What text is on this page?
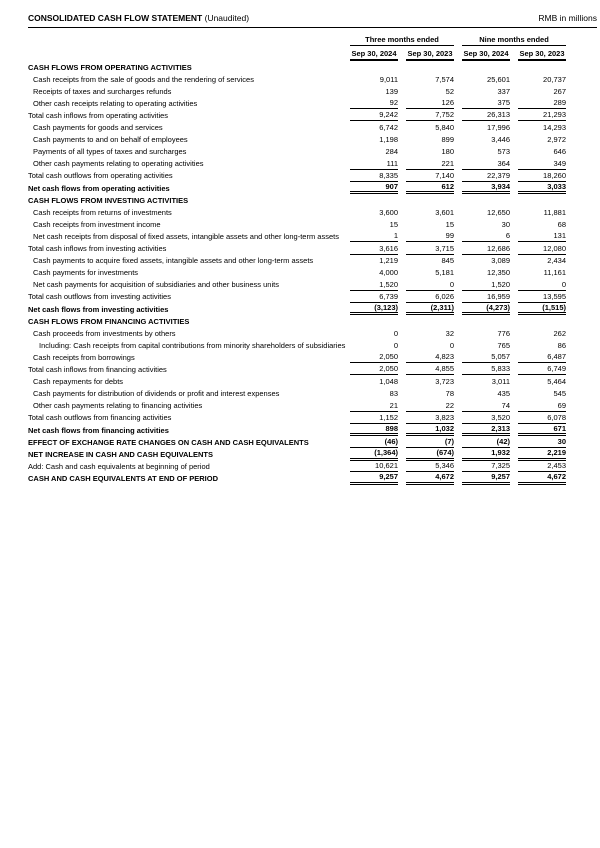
CONSOLIDATED CASH FLOW STATEMENT (Unaudited)	RMB in millions
Three months ended	Nine months ended
Sep 30, 2024 Sep 30, 2023 Sep 30, 2024 Sep 30, 2023
CASH FLOWS FROM OPERATING ACTIVITIES
Cash receipts from the sale of goods and the rendering of services	9,011	7,574	25,601	20,737
Receipts of taxes and surcharges refunds	139	52	337	267
Other cash receipts relating to operating activities	92	126	375	289
Total cash inflows from operating activities	9,242	7,752	26,313	21,293
Cash payments for goods and services	6,742	5,840	17,996	14,293
Cash payments to and on behalf of employees	1,198	899	3,446	2,972
Payments of all types of taxes and surcharges	284	180	573	646
Other cash payments relating to operating activities	111	221	364	349
Total cash outflows from operating activities	8,335	7,140	22,379	18,260
Net cash flows from operating activities	907	612	3,934	3,033
CASH FLOWS FROM INVESTING ACTIVITIES
Cash receipts from returns of investments	3,600	3,601	12,650	11,881
Cash receipts from investment income	15	15	30	68
Net cash receipts from disposal of fixed assets, intangible assets and other long-term assets	1	99	6	131
Total cash inflows from investing activities	3,616	3,715	12,686	12,080
Cash payments to acquire fixed assets, intangible assets and other long-term assets	1,219	845	3,089	2,434
Cash payments for investments	4,000	5,181	12,350	11,161
Net cash payments for acquisition of subsidiaries and other business units	1,520	0	1,520	0
Total cash outflows from investing activities	6,739	6,026	16,959	13,595
Net cash flows from investing activities	(3,123)	(2,311)	(4,273)	(1,515)
CASH FLOWS FROM FINANCING ACTIVITIES
Cash proceeds from investments by others	0	32	776	262
Including: Cash receipts from capital contributions from minority shareholders of subsidiaries	0	0	765	86
Cash receipts from borrowings	2,050	4,823	5,057	6,487
Total cash inflows from financing activities	2,050	4,855	5,833	6,749
Cash repayments for debts	1,048	3,723	3,011	5,464
Cash payments for distribution of dividends or profit and interest expenses	83	78	435	545
Other cash payments relating to financing activities	21	22	74	69
Total cash outflows from financing activities	1,152	3,823	3,520	6,078
Net cash flows from financing activities	898	1,032	2,313	671
EFFECT OF EXCHANGE RATE CHANGES ON CASH AND CASH EQUIVALENTS	(46)	(7)	(42)	30
NET INCREASE IN CASH AND CASH EQUIVALENTS	(1,364)	(674)	1,932	2,219
Add: Cash and cash equivalents at beginning of period	10,621	5,346	7,325	2,453
CASH AND CASH EQUIVALENTS AT END OF PERIOD	9,257	4,672	9,257	4,672
